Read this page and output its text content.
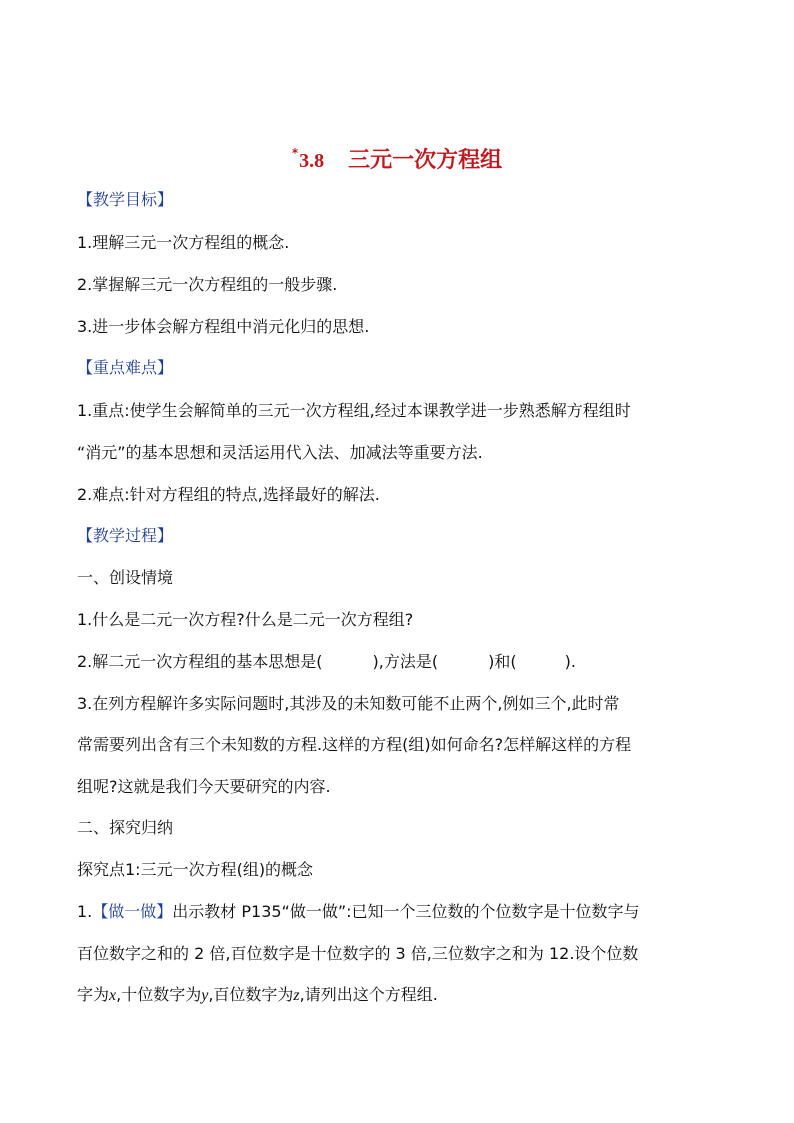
*3.8 三元一次方程组
【教学目标】
1.理解三元一次方程组的概念.
2.掌握解三元一次方程组的一般步骤.
3.进一步体会解方程组中消元化归的思想.
【重点难点】
1.重点:使学生会解简单的三元一次方程组,经过本课教学进一步熟悉解方程组时
“消元”的基本思想和灵活运用代入法、加减法等重要方法.
2.难点:针对方程组的特点,选择最好的解法.
【教学过程】
一、创设情境
1.什么是二元一次方程?什么是二元一次方程组?
2.解二元一次方程组的基本思想是(	),方法是(	)和(	).
3.在列方程解许多实际问题时,其涉及的未知数可能不止两个,例如三个,此时常
常需要列出含有三个未知数的方程.这样的方程(组)如何命名?怎样解这样的方程
组呢?这就是我们今天要研究的内容.
二、探究归纳
探究点1:三元一次方程(组)的概念
1.【做一做】出示教材 P135“做一做”:已知一个三位数的个位数字是十位数字与
百位数字之和的 2 倍,百位数字是十位数字的 3 倍,三位数字之和为 12.设个位数
字为x,十位数字为y,百位数字为z,请列出这个方程组.
